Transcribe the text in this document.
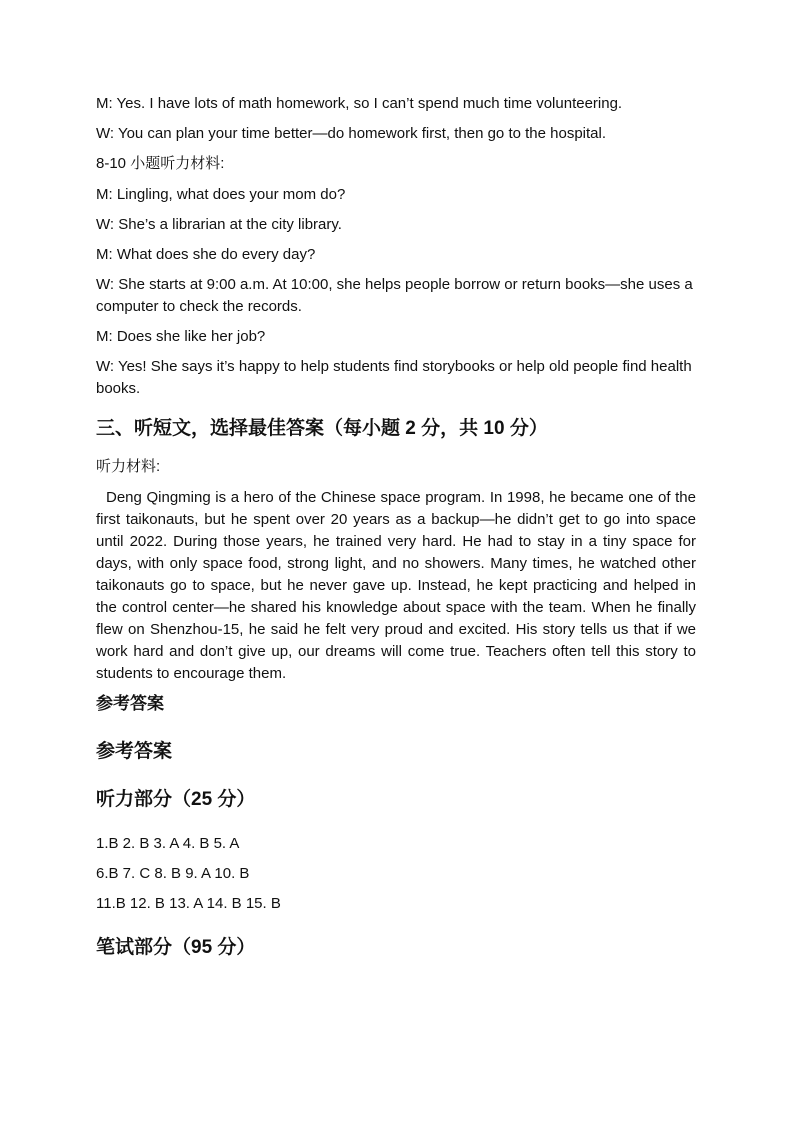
M: Yes. I have lots of math homework, so I can’t spend much time volunteering.

W: You can plan your time better—do homework first, then go to the hospital.

8-10 小题听力材料:

M: Lingling, what does your mom do?

W: She’s a librarian at the city library.

M: What does she do every day?

W: She starts at 9:00 a.m. At 10:00, she helps people borrow or return books—she uses a computer to check the records.

M: Does she like her job?

W: Yes! She says it’s happy to help students find storybooks or help old people find health books.

三、听短文，选择最佳答案（每小题 2 分，共 10 分）

听力材料:

Deng Qingming is a hero of the Chinese space program. In 1998, he became one of the first taikonauts, but he spent over 20 years as a backup—he didn’t get to go into space until 2022. During those years, he trained very hard. He had to stay in a tiny space for days, with only space food, strong light, and no showers. Many times, he watched other taikonauts go to space, but he never gave up. Instead, he kept practicing and helped in the control center—he shared his knowledge about space with the team. When he finally flew on Shenzhou-15, he said he felt very proud and excited. His story tells us that if we work hard and don’t give up, our dreams will come true. Teachers often tell this story to students to encourage them.

参考答案
参考答案
听力部分（25 分）

1.B 2. B 3. A 4. B 5. A

6.B 7. C 8. B 9. A 10. B

11.B 12. B 13. A 14. B 15. B

笔试部分（95 分）
